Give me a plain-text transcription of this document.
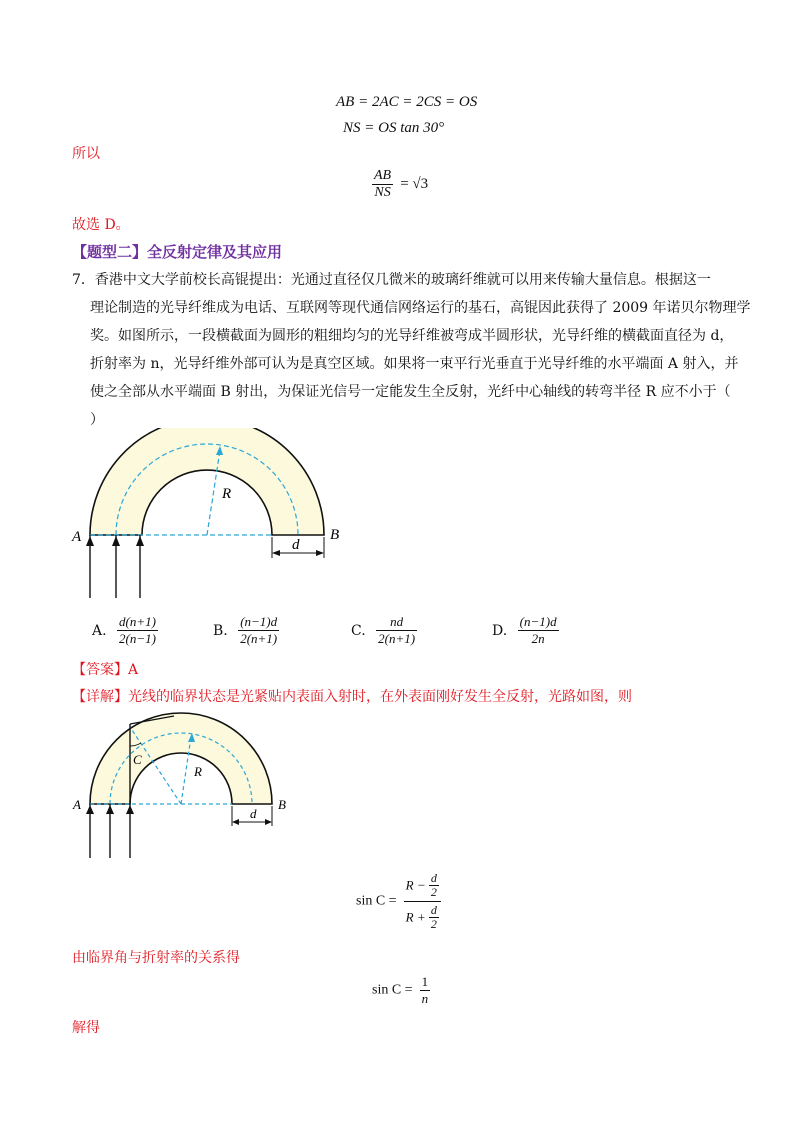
AB = 2AC = 2CS = OS
NS = OS tan 30°
所以
$\frac{AB}{NS} = √3$
故选 D。
【题型二】全反射定律及其应用
7．香港中文大学前校长高锟提出：光通过直径仅几微米的玻璃纤维就可以用来传输大量信息。根据这一
理论制造的光导纤维成为电话、互联网等现代通信网络运行的基石，高锟因此获得了 2009 年诺贝尔物理学
奖。如图所示，一段横截面为圆形的粗细均匀的光导纤维被弯成半圆形状，光导纤维的横截面直径为 d，
折射率为 n，光导纤维外部可认为是真空区域。如果将一束平行光垂直于光导纤维的水平端面 A 射入，并
使之全部从水平端面 B 射出，为保证光信号一定能发生全反射，光纤中心轴线的转弯半径 R 应不小于（
）
A	B
R
d
A. $\frac{d(n+1)}{2(n-1)}$	B. $\frac{(n-1)d}{2(n+1)}$	C. $\frac{nd}{2(n+1)}$	D. $\frac{(n-1)d}{2n}$
【答案】A
【详解】光线的临界状态是光紧贴内表面入射时，在外表面刚好发生全反射，光路如图，则
A	B
R
d
C
$\sin C = \frac{R - \frac{d}{2}}{R + \frac{d}{2}}$
由临界角与折射率的关系得
$\sin C = \frac{1}{n}$
解得
